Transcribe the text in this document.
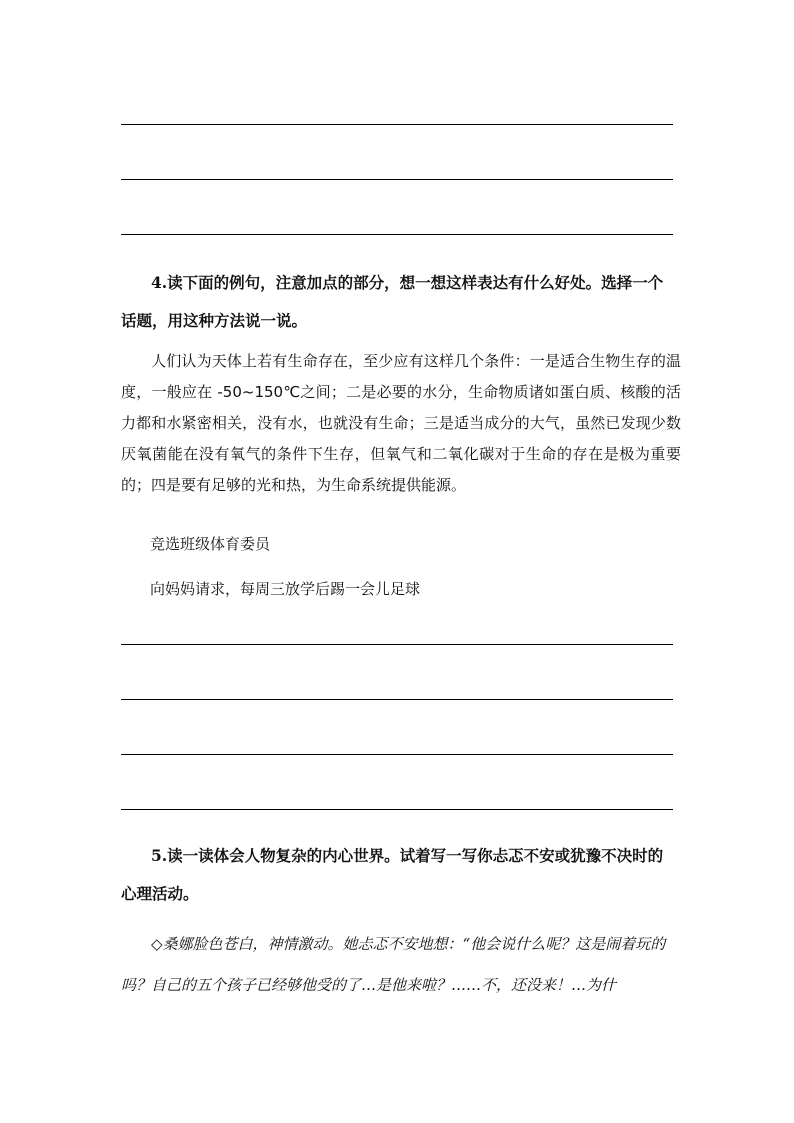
4.读下面的例句，注意加点的部分，想一想这样表达有什么好处。选择一个
话题，用这种方法说一说。
人们认为天体上若有生命存在，至少应有这样几个条件：一是适合生物生存的温度，一般应在 -50~150℃之间；二是必要的水分，生命物质诸如蛋白质、核酸的活力都和水紧密相关，没有水，也就没有生命；三是适当成分的大气，虽然已发现少数厌氧菌能在没有氧气的条件下生存，但氧气和二氧化碳对于生命的存在是极为重要的；四是要有足够的光和热，为生命系统提供能源。
竞选班级体育委员
向妈妈请求，每周三放学后踢一会儿足球
5.读一读体会人物复杂的内心世界。试着写一写你忐忑不安或犹豫不决时的
心理活动。
◇桑娜脸色苍白，神情激动。她忐忑不安地想：“他会说什么呢？这是闹着玩的吗？自己的五个孩子已经够他受的了…是他来啦？……不，还没来！…为什
